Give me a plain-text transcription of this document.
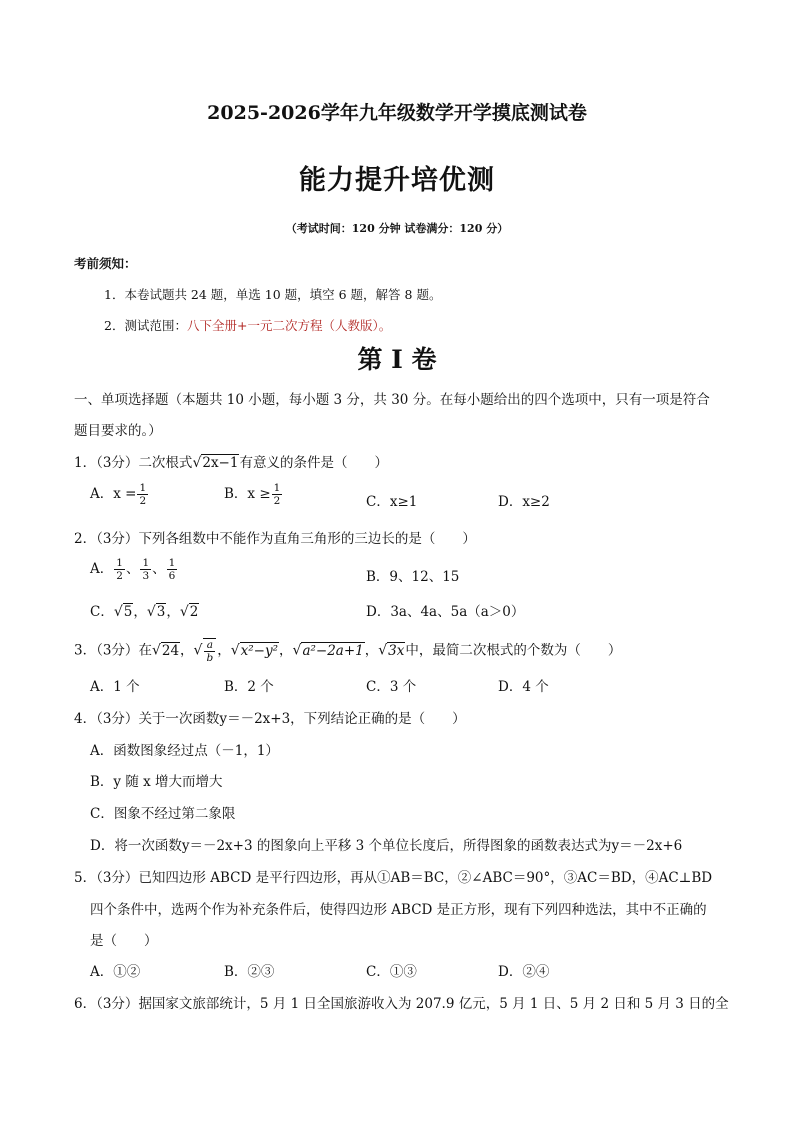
2025-2026学年九年级数学开学摸底测试卷
能力提升培优测
（考试时间：120 分钟 试卷满分：120 分）
考前须知：
1．本卷试题共 24 题，单选 10 题，填空 6 题，解答 8 题。
2．测试范围：八下全册+一元二次方程（人教版）。
第 I 卷
一、单项选择题（本题共 10 小题，每小题 3 分，共 30 分。在每小题给出的四个选项中，只有一项是符合
题目要求的。）
1．（3分）二次根式√2x−1有意义的条件是（　　）
A．$x = \frac{1}{2}$	B．$x \ge \frac{1}{2}$	C．x≥1	D．x≥2
2．（3分）下列各组数中不能作为直角三角形的三边长的是（　　）
A． $\frac{1}{2}$ 、 $\frac{1}{3}$ 、 $\frac{1}{6}$	B．9、12、15
C．√5，√3，√2	D．3a、4a、5a（a＞0）
3．（3分）在√24，√ $\frac{a}{b}$ ，√x²−y²，√a²−2a+1，√3x中，最简二次根式的个数为（　　）
A．1 个	B．2 个	C．3 个	D．4 个
4．（3分）关于一次函数y＝－2x+3，下列结论正确的是（　　）
A．函数图象经过点（－1，1）
B．y 随 x 增大而增大
C．图象不经过第二象限
D．将一次函数y＝－2x+3 的图象向上平移 3 个单位长度后，所得图象的函数表达式为y＝－2x+6
5．（3分）已知四边形 ABCD 是平行四边形，再从①AB＝BC，②∠ABC＝90°，③AC＝BD，④AC⊥BD
四个条件中，选两个作为补充条件后，使得四边形 ABCD 是正方形，现有下列四种选法，其中不正确的
是（　　）
A．①②	B．②③	C．①③	D．②④
6．（3分）据国家文旅部统计，5 月 1 日全国旅游收入为 207.9 亿元，5 月 1 日、5 月 2 日和 5 月 3 日的全
